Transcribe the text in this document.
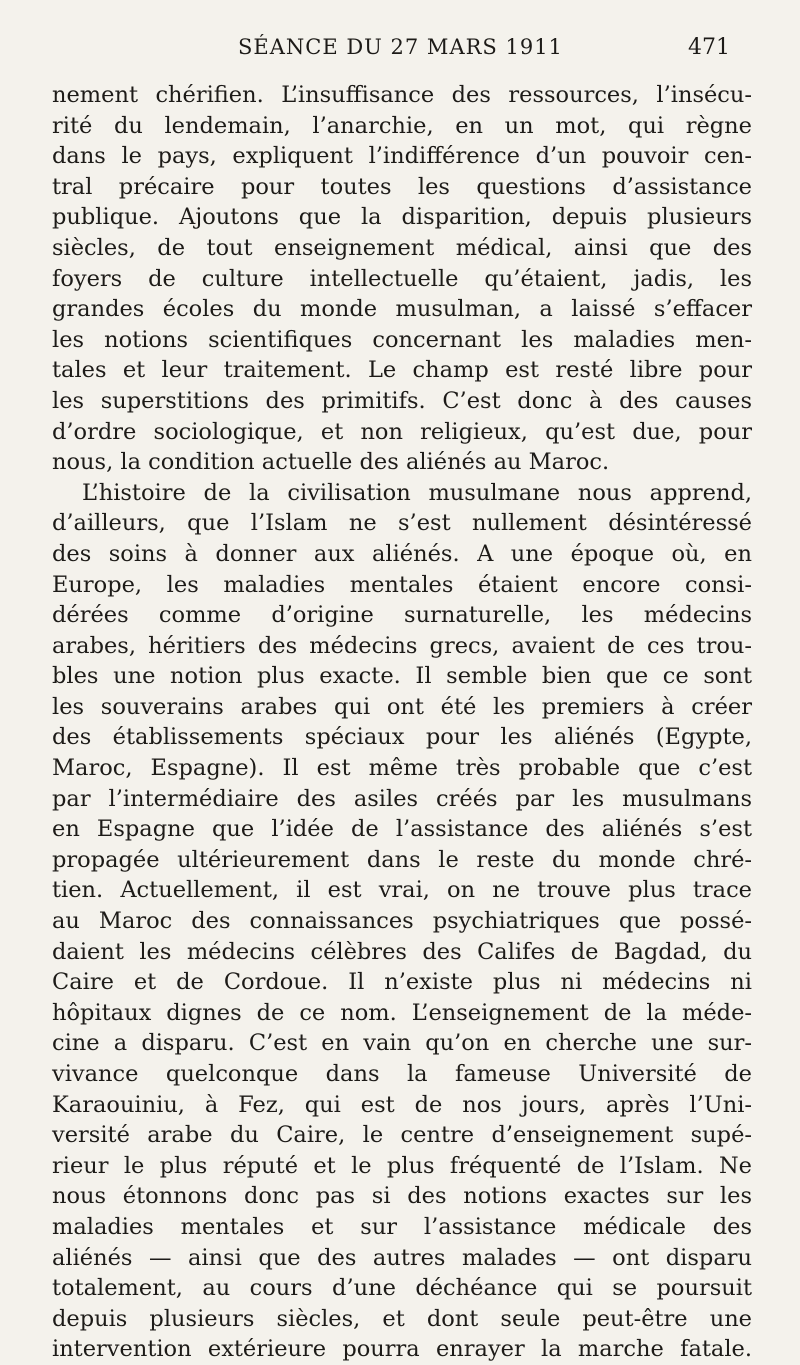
SÉANCE DU 27 MARS 1911	471
nement chérifien. L’insuffisance des ressources, l’insécu-
rité du lendemain, l’anarchie, en un mot, qui règne
dans le pays, expliquent l’indifférence d’un pouvoir cen-
tral précaire pour toutes les questions d’assistance
publique. Ajoutons que la disparition, depuis plusieurs
siècles, de tout enseignement médical, ainsi que des
foyers de culture intellectuelle qu’étaient, jadis, les
grandes écoles du monde musulman, a laissé s’effacer
les notions scientifiques concernant les maladies men-
tales et leur traitement. Le champ est resté libre pour
les superstitions des primitifs. C’est donc à des causes
d’ordre sociologique, et non religieux, qu’est due, pour
nous, la condition actuelle des aliénés au Maroc.
L’histoire de la civilisation musulmane nous apprend,
d’ailleurs, que l’Islam ne s’est nullement désintéressé
des soins à donner aux aliénés. A une époque où, en
Europe, les maladies mentales étaient encore consi-
dérées comme d’origine surnaturelle, les médecins
arabes, héritiers des médecins grecs, avaient de ces trou-
bles une notion plus exacte. Il semble bien que ce sont
les souverains arabes qui ont été les premiers à créer
des établissements spéciaux pour les aliénés (Egypte,
Maroc, Espagne). Il est même très probable que c’est
par l’intermédiaire des asiles créés par les musulmans
en Espagne que l’idée de l’assistance des aliénés s’est
propagée ultérieurement dans le reste du monde chré-
tien. Actuellement, il est vrai, on ne trouve plus trace
au Maroc des connaissances psychiatriques que possé-
daient les médecins célèbres des Califes de Bagdad, du
Caire et de Cordoue. Il n’existe plus ni médecins ni
hôpitaux dignes de ce nom. L’enseignement de la méde-
cine a disparu. C’est en vain qu’on en cherche une sur-
vivance quelconque dans la fameuse Université de
Karaouiniu, à Fez, qui est de nos jours, après l’Uni-
versité arabe du Caire, le centre d’enseignement supé-
rieur le plus réputé et le plus fréquenté de l’Islam. Ne
nous étonnons donc pas si des notions exactes sur les
maladies mentales et sur l’assistance médicale des
aliénés — ainsi que des autres malades — ont disparu
totalement, au cours d’une déchéance qui se poursuit
depuis plusieurs siècles, et dont seule peut-être une
intervention extérieure pourra enrayer la marche fatale.
